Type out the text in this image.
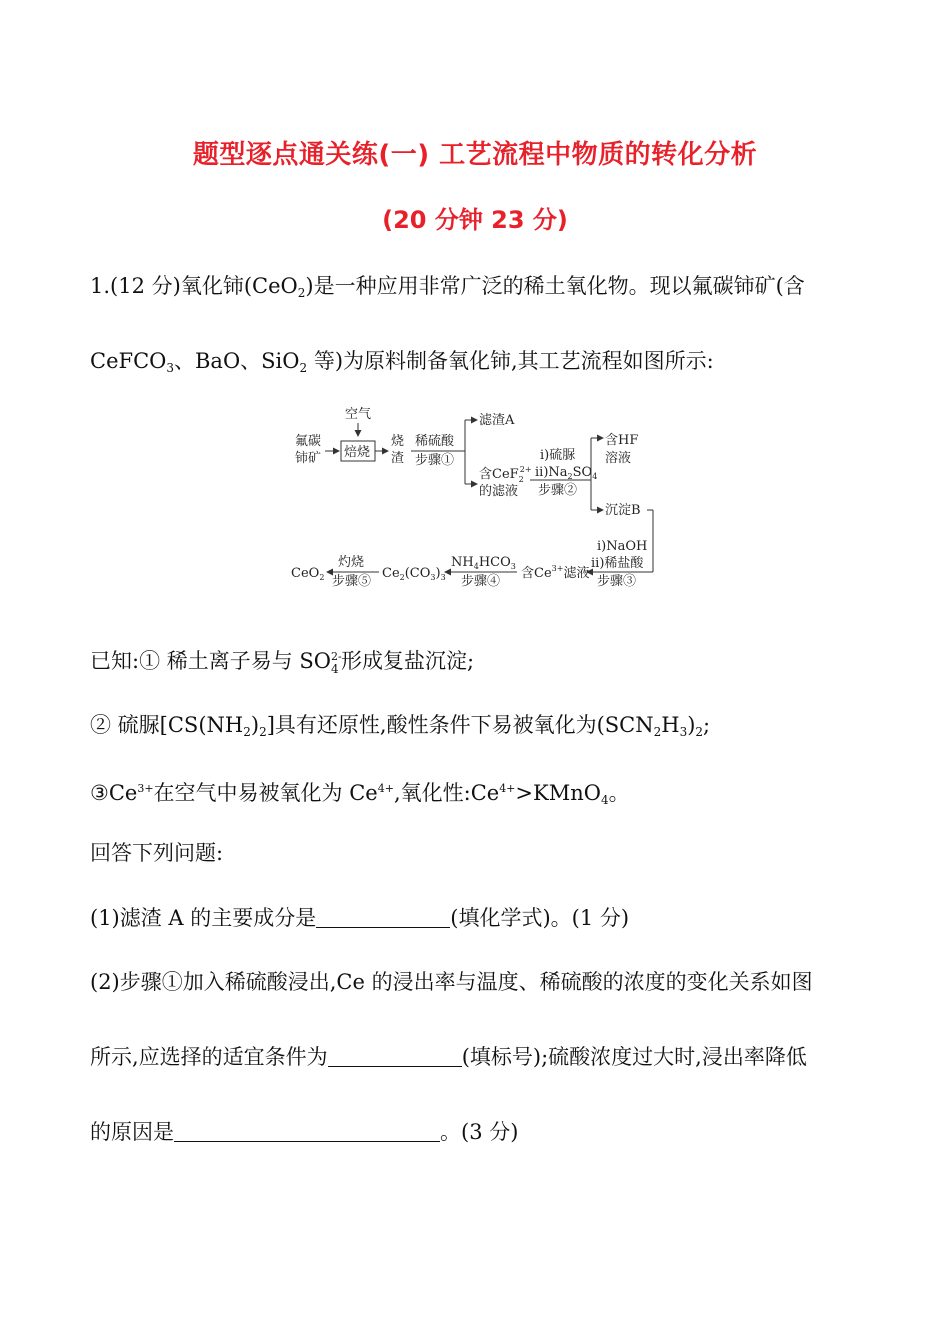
题型逐点通关练(一) 工艺流程中物质的转化分析
(20 分钟 23 分)
1.(12 分)氧化铈(CeO$_2$)是一种应用非常广泛的稀土氧化物。现以氟碳铈矿(含
CeFCO$_3$、BaO、SiO$_2$ 等)为原料制备氧化铈,其工艺流程如图所示:
空气
氟碳
铈矿 焙烧
烧
渣
稀硫酸
步骤①
滤渣A
含CeF$_2$2+
的滤液
i)硫脲
$ii)Na_2SO_4$
步骤②
含HF
溶液
沉淀B
i)NaOH
ii)稀盐酸
步骤③
含$Ce^{3+}$滤液
$NH_4HCO_3$
步骤④
$Ce_2(CO_3)_3$
灼烧
步骤⑤
CeO$_2$
已知:① 稀土离子易与 SO 2-
4 形成复盐沉淀;
② 硫脲$[CS(NH_2)_2]$具有还原性,酸性条件下易被氧化为$(SCN_2H_3)_2$;
$③Ce^{3+}$在空气中易被氧化为 $Ce^{4+}$,氧化性$:Ce^{4+}>KMnO_4$。
回答下列问题:
(1)滤渣 A 的主要成分是	(填化学式)。(1 分)
(2)步骤①加入稀硫酸浸出,Ce 的浸出率与温度、稀硫酸的浓度的变化关系如图
所示,应选择的适宜条件为	(填标号);硫酸浓度过大时,浸出率降低
的原因是	。(3 分)
